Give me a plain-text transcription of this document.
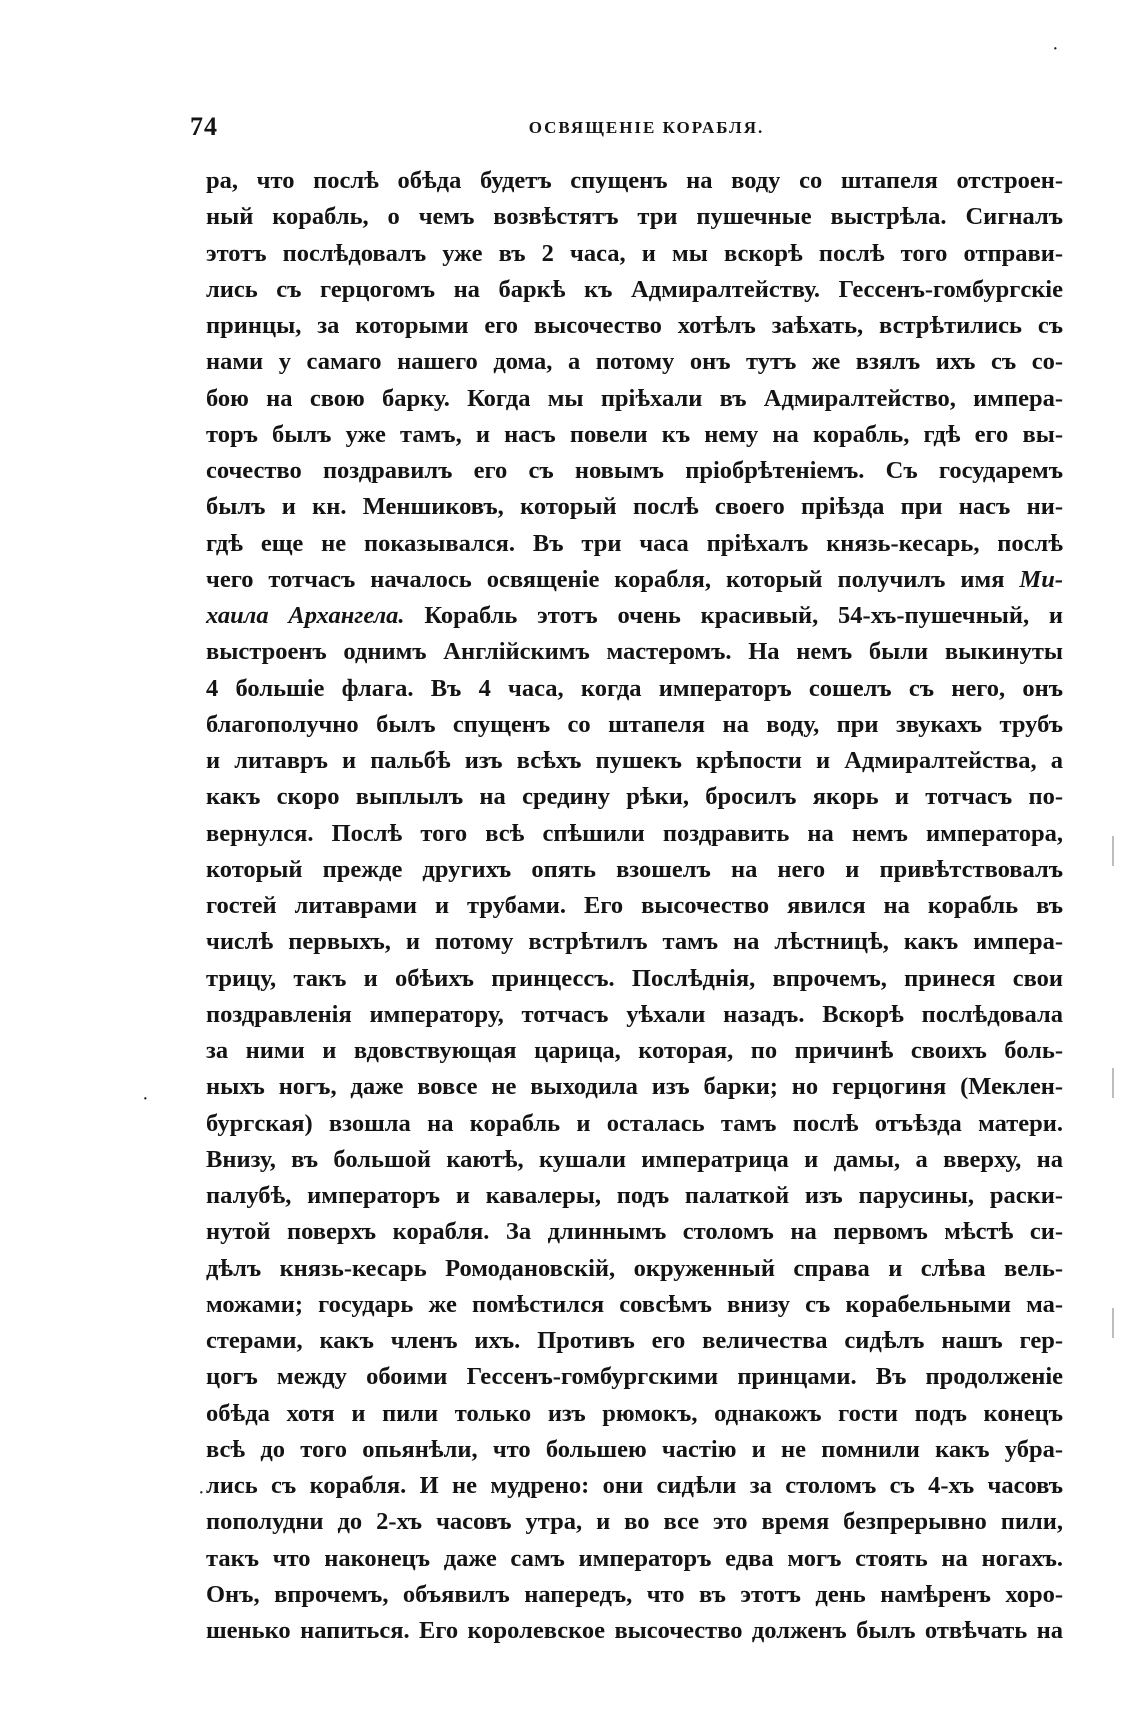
74	ОСВЯЩЕНІЕ КОРАБЛЯ.
ра, что послѣ обѣда будетъ спущенъ на воду со штапеля отстроен-
ный корабль, о чемъ возвѣстятъ три пушечные выстрѣла. Сигналъ
этотъ послѣдовалъ уже въ 2 часа, и мы вскорѣ послѣ того отправи-
лись съ герцогомъ на баркѣ къ Адмиралтейству. Гессенъ-гомбургскіе
принцы, за которыми его высочество хотѣлъ заѣхать, встрѣтились съ
нами у самаго нашего дома, а потому онъ тутъ же взялъ ихъ съ со-
бою на свою барку. Когда мы пріѣхали въ Адмиралтейство, импера-
торъ былъ уже тамъ, и насъ повели къ нему на корабль, гдѣ его вы-
сочество поздравилъ его съ новымъ пріобрѣтеніемъ. Съ государемъ
былъ и кн. Меншиковъ, который послѣ своего пріѣзда при насъ ни-
гдѣ еще не показывался. Въ три часа пріѣхалъ князь-кесарь, послѣ
чего тотчасъ началось освященіе корабля, который получилъ имя Ми-
хаила Архангела. Корабль этотъ очень красивый, 54-хъ-пушечный, и
выстроенъ однимъ Англійскимъ мастеромъ. На немъ были выкинуты
4 большіе флага. Въ 4 часа, когда императоръ сошелъ съ него, онъ
благополучно былъ спущенъ со штапеля на воду, при звукахъ трубъ
и литавръ и пальбѣ изъ всѣхъ пушекъ крѣпости и Адмиралтейства, а
какъ скоро выплылъ на средину рѣки, бросилъ якорь и тотчасъ по-
вернулся. Послѣ того всѣ спѣшили поздравить на немъ императора,
который прежде другихъ опять взошелъ на него и привѣтствовалъ
гостей литаврами и трубами. Его высочество явился на корабль въ
числѣ первыхъ, и потому встрѣтилъ тамъ на лѣстницѣ, какъ импера-
трицу, такъ и обѣихъ принцессъ. Послѣднія, впрочемъ, принеся свои
поздравленія императору, тотчасъ уѣхали назадъ. Вскорѣ послѣдовала
за ними и вдовствующая царица, которая, по причинѣ своихъ боль-
ныхъ ногъ, даже вовсе не выходила изъ барки; но герцогиня (Меклен-
бургская) взошла на корабль и осталась тамъ послѣ отъѣзда матери.
Внизу, въ большой каютѣ, кушали императрица и дамы, а вверху, на
палубѣ, императоръ и кавалеры, подъ палаткой изъ парусины, раски-
нутой поверхъ корабля. За длиннымъ столомъ на первомъ мѣстѣ си-
дѣлъ князь-кесарь Ромодановскій, окруженный справа и слѣва вель-
можами; государь же помѣстился совсѣмъ внизу съ корабельными ма-
стерами, какъ членъ ихъ. Противъ его величества сидѣлъ нашъ гер-
цогъ между обоими Гессенъ-гомбургскими принцами. Въ продолженіе
обѣда хотя и пили только изъ рюмокъ, однакожъ гости подъ конецъ
всѣ до того опьянѣли, что большею частію и не помнили какъ убра-
лись съ корабля. И не мудрено: они сидѣли за столомъ съ 4-хъ часовъ
пополудни до 2-хъ часовъ утра, и во все это время безпрерывно пили,
такъ что наконецъ даже самъ императоръ едва могъ стоять на ногахъ.
Онъ, впрочемъ, объявилъ напередъ, что въ этотъ день намѣренъ хоро-
шенько напиться. Его королевское высочество долженъ былъ отвѣчать на
·
·
·
